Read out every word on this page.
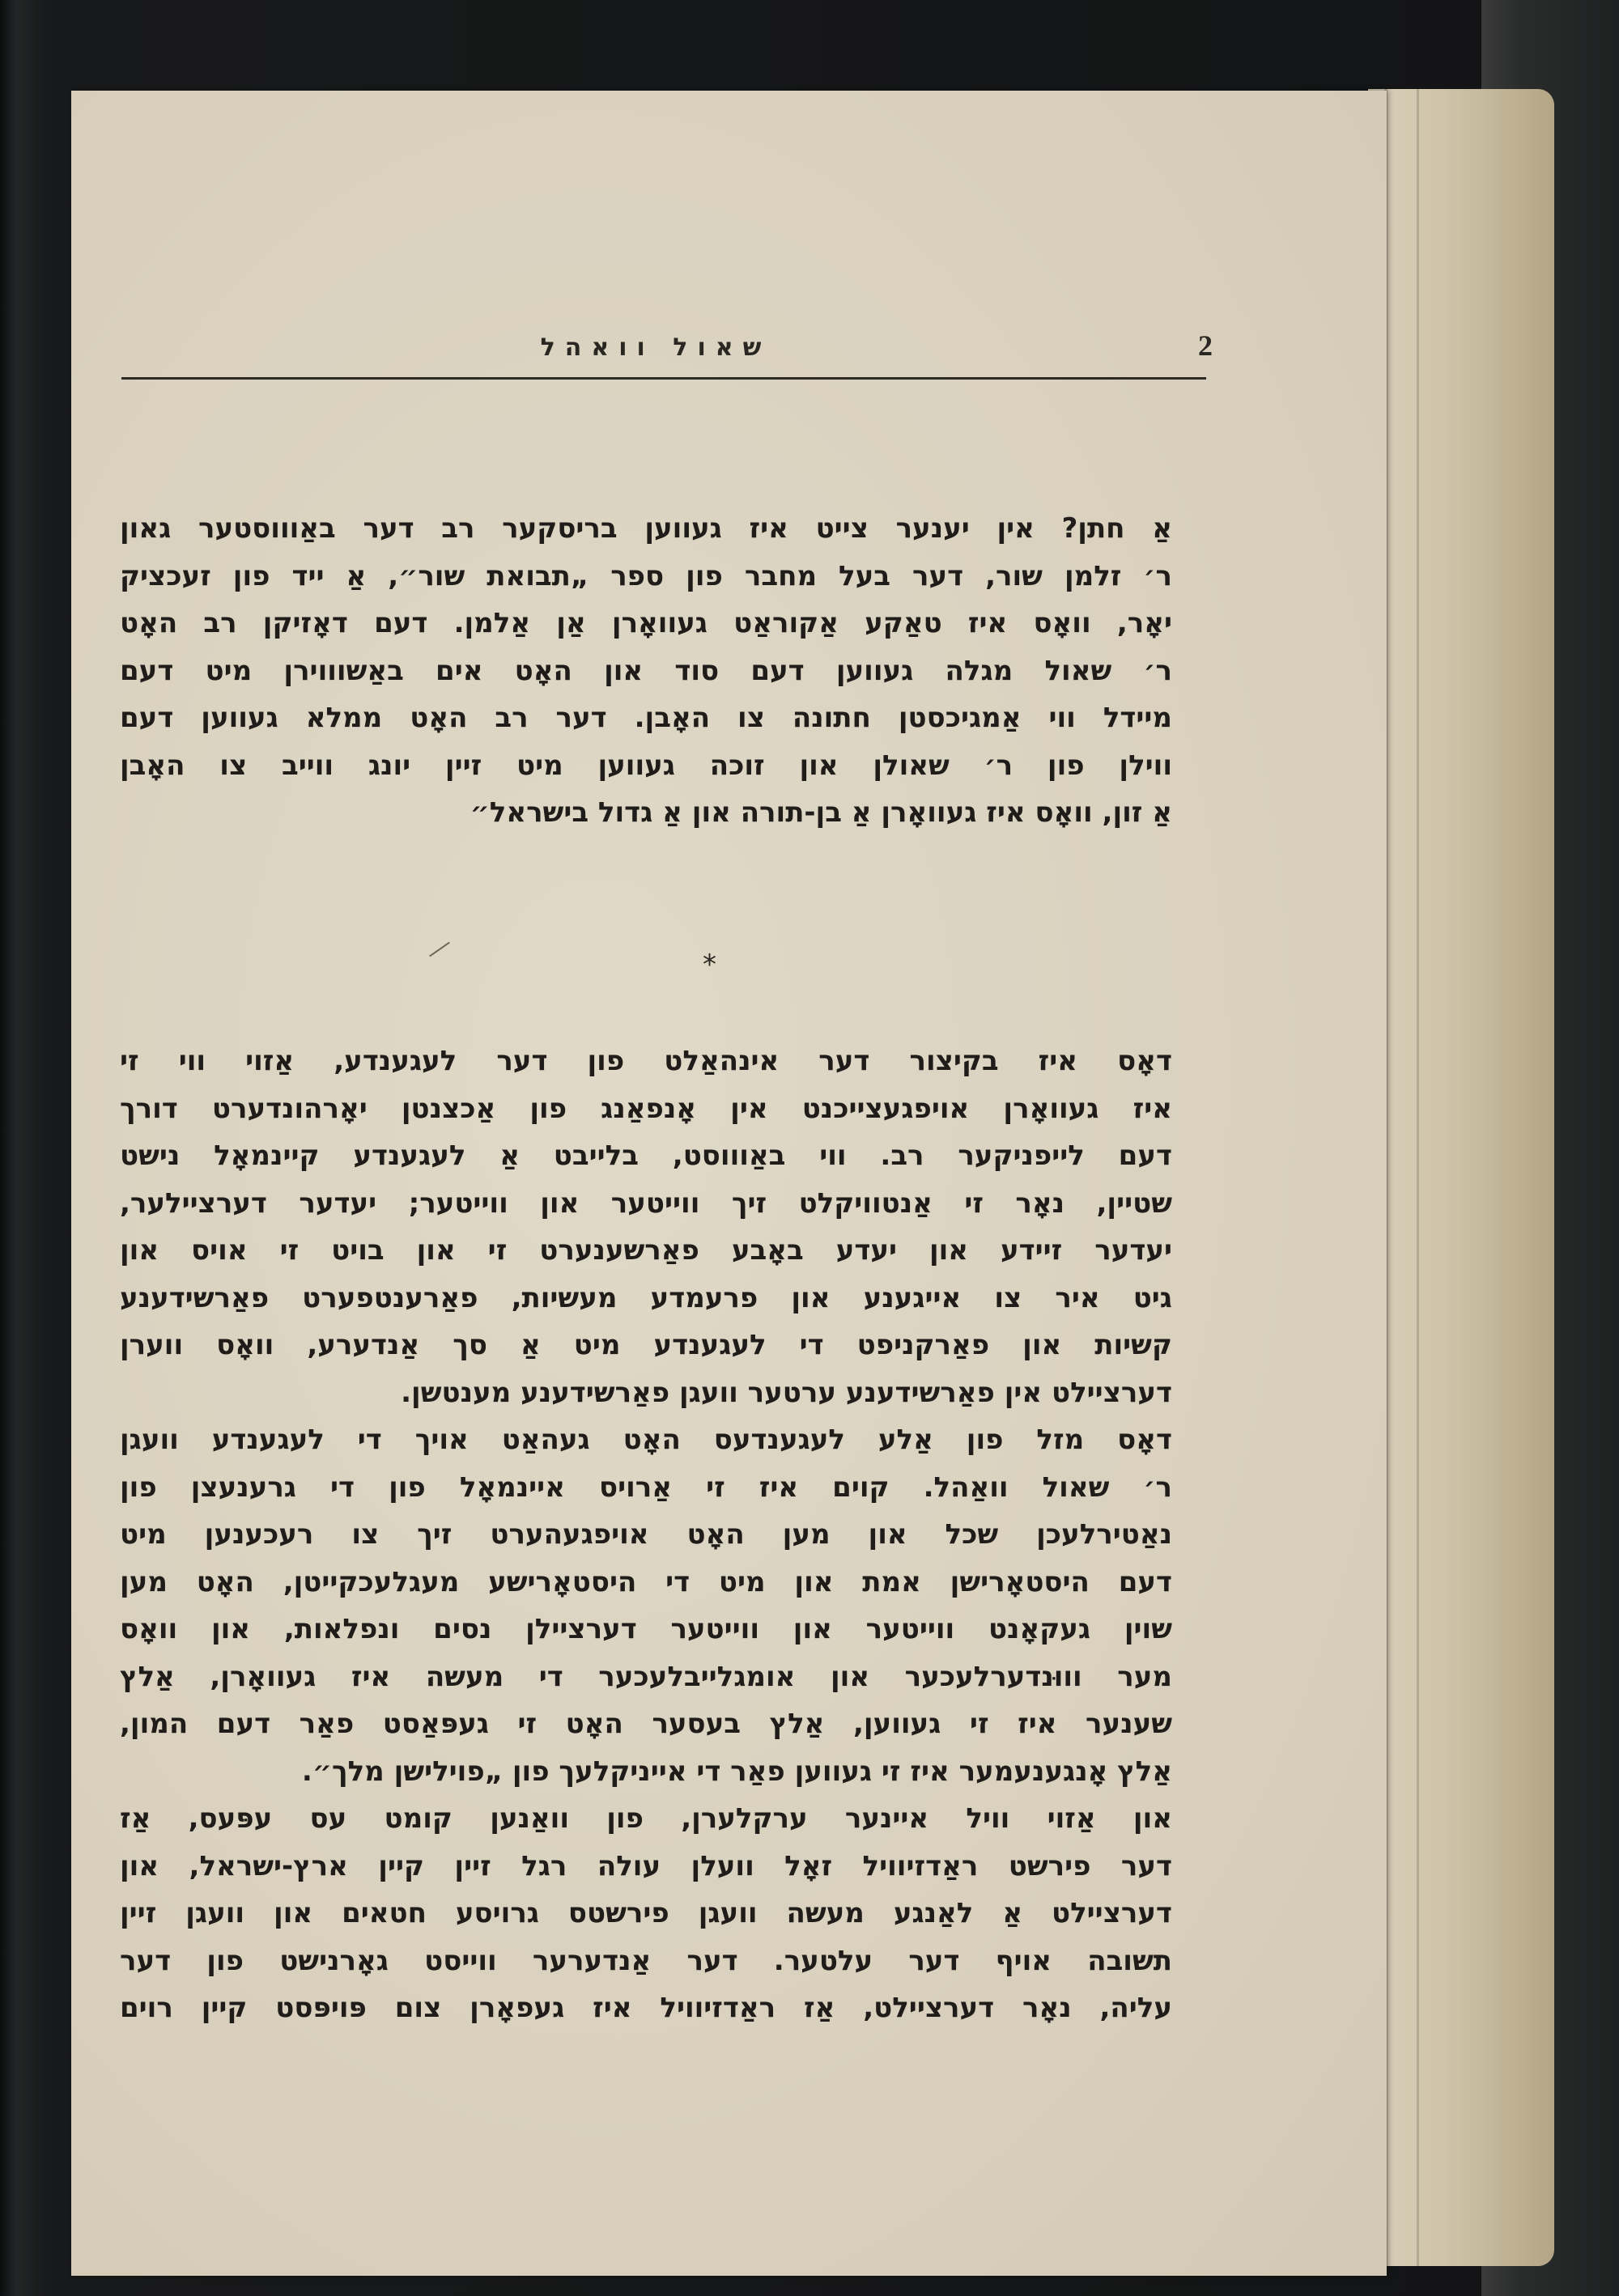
שאול וואהל	2
אַ חתן? אין יענער צייט איז געווען בריסקער רב דער באַוווסטער גאון
ר׳ זלמן שור, דער בעל מחבר פון ספר „תבואת שור״, אַ ייד פון זעכציק
יאָר, וואָס איז טאַקע אַקוראַט געוואָרן אַן אַלמן. דעם דאָזיקן רב האָט
ר׳ שאול מגלה געווען דעם סוד און האָט אים באַשוווירן מיט דעם
מיידל ווי אַמגיכסטן חתונה צו האָבן. דער רב האָט ממלא געווען דעם
ווילן פון ר׳ שאולן און זוכה געווען מיט זיין יונג ווייב צו האָבן
אַ זון, וואָס איז געוואָרן אַ בן-תורה און אַ גדול בישראל״
*
דאָס איז בקיצור דער אינהאַלט פון דער לעגענדע, אַזוי ווי זי
איז געוואָרן אויפגעצייכנט אין אָנפאַנג פון אַכצנטן יאָרהונדערט דורך
דעם לייפניקער רב. ווי באַוווסט, בלייבט אַ לעגענדע קיינמאָל נישט
שטיין, נאָר זי אַנטוויקלט זיך ווייטער און ווייטער; יעדער דערציילער,
יעדער זיידע און יעדע באָבע פאַרשענערט זי און בויט זי אויס און
גיט איר צו אייגענע און פרעמדע מעשיות, פאַרענטפערט פאַרשידענע
קשיות און פאַרקניפט די לעגענדע מיט אַ סך אַנדערע, וואָס ווערן
דערציילט אין פאַרשידענע ערטער וועגן פאַרשידענע מענטשן.
דאָס מזל פון אַלע לעגענדעס האָט געהאַט אויך די לעגענדע וועגן
ר׳ שאול וואַהל. קוים איז זי אַרויס איינמאָל פון די גרענעצן פון
נאַטירלעכן שכל און מען האָט אויפגעהערט זיך צו רעכענען מיט
דעם היסטאָרישן אמת און מיט די היסטאָרישע מעגלעכקייטן, האָט מען
שוין געקאָנט ווייטער און ווייטער דערציילן נסים ונפלאות, און וואָס
מער וווּנדערלעכער און אומגלייבלעכער די מעשה איז געוואָרן, אַלץ
שענער איז זי געווען, אַלץ בעסער האָט זי געפּאַסט פאַר דעם המון,
אַלץ אָנגענעמער איז זי געווען פאַר די אייניקלעך פון „פוילישן מלך״.
און אַזוי וויל איינער ערקלערן, פון וואַנען קומט עס עפּעס, אַז
דער פירשט ראַדזיוויל זאָל וועלן עולה רגל זיין קיין ארץ-ישראל, און
דערציילט אַ לאַנגע מעשה וועגן פירשטס גרויסע חטאים און וועגן זיין
תשובה אויף דער עלטער. דער אַנדערער ווייסט גאָרנישט פון דער
עליה, נאָר דערציילט, אַז ראַדזיוויל איז געפאָרן צום פּויפּסט קיין רוים
